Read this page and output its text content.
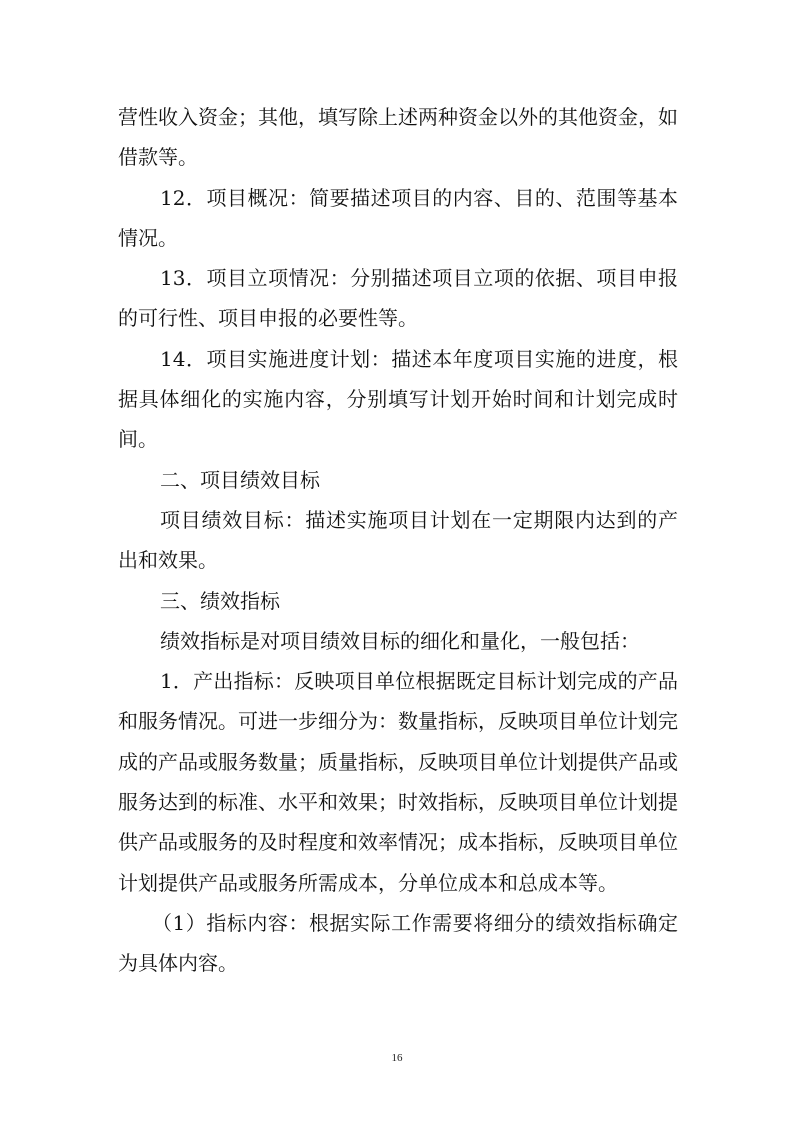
营性收入资金；其他，填写除上述两种资金以外的其他资金，如借款等。

12．项目概况：简要描述项目的内容、目的、范围等基本情况。

13．项目立项情况：分别描述项目立项的依据、项目申报的可行性、项目申报的必要性等。

14．项目实施进度计划：描述本年度项目实施的进度，根据具体细化的实施内容，分别填写计划开始时间和计划完成时间。

二、项目绩效目标

项目绩效目标：描述实施项目计划在一定期限内达到的产出和效果。

三、绩效指标

绩效指标是对项目绩效目标的细化和量化，一般包括：

1．产出指标：反映项目单位根据既定目标计划完成的产品和服务情况。可进一步细分为：数量指标，反映项目单位计划完成的产品或服务数量；质量指标，反映项目单位计划提供产品或服务达到的标准、水平和效果；时效指标，反映项目单位计划提供产品或服务的及时程度和效率情况；成本指标，反映项目单位计划提供产品或服务所需成本，分单位成本和总成本等。

（1）指标内容：根据实际工作需要将细分的绩效指标确定为具体内容。

16
